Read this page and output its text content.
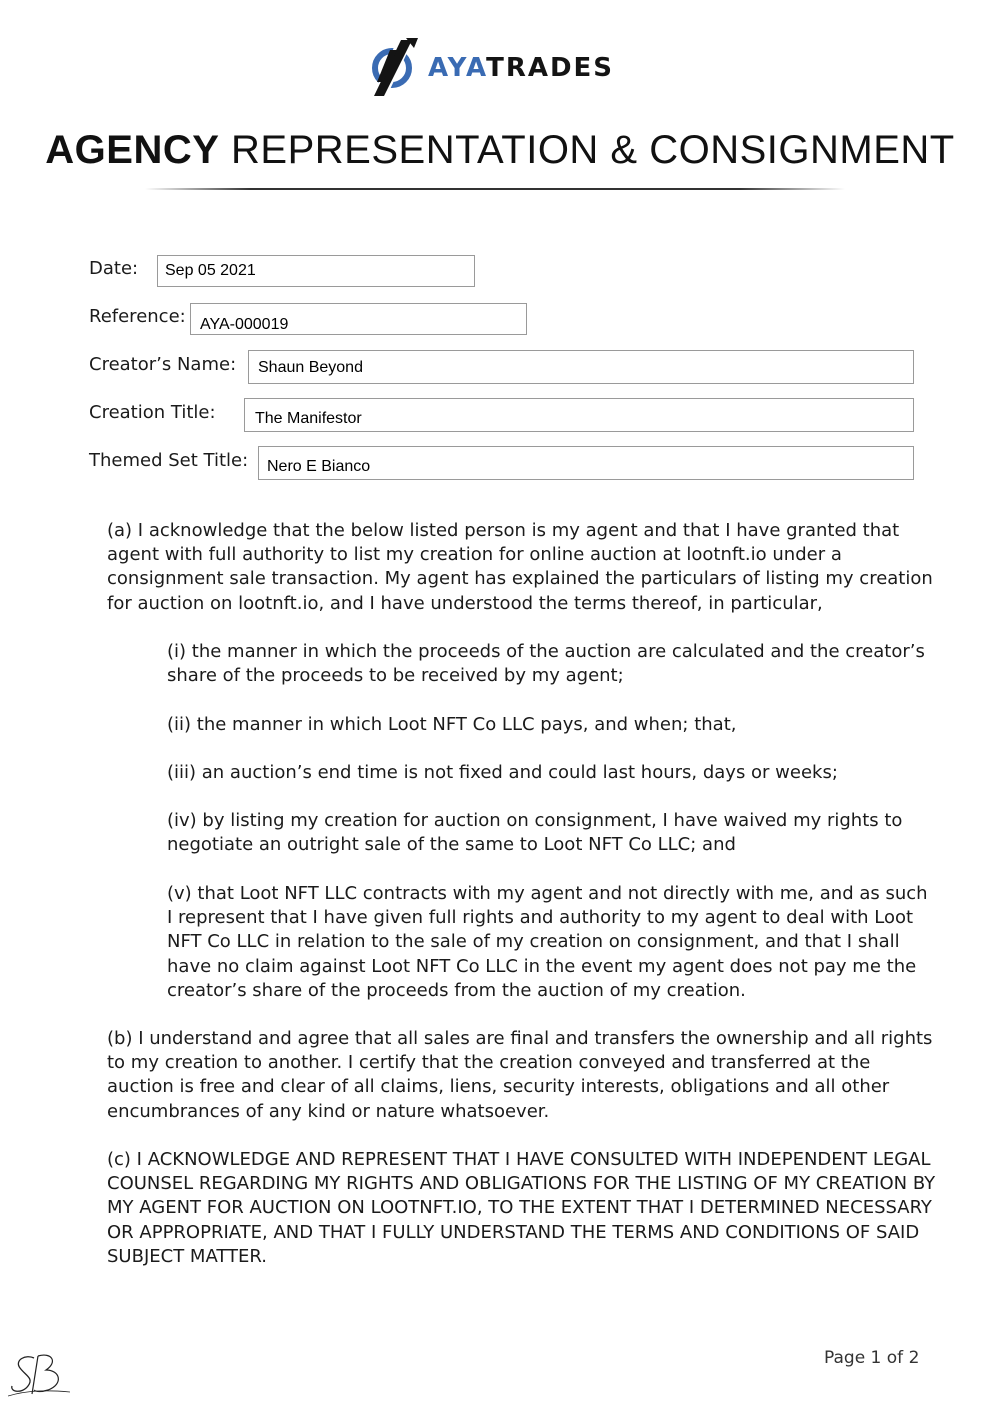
AYATRADES
AGENCY REPRESENTATION & CONSIGNMENT
Date: Sep 05 2021
Reference: AYA-000019
Creator’s Name: Shaun Beyond
Creation Title: The Manifestor
Themed Set Title: Nero E Bianco

(a) I acknowledge that the below listed person is my agent and that I have granted that agent with full authority to list my creation for online auction at lootnft.io under a consignment sale transaction. My agent has explained the particulars of listing my creation for auction on lootnft.io, and I have understood the terms thereof, in particular,

(i) the manner in which the proceeds of the auction are calculated and the creator’s share of the proceeds to be received by my agent;

(ii) the manner in which Loot NFT Co LLC pays, and when; that,

(iii) an auction’s end time is not fixed and could last hours, days or weeks;

(iv) by listing my creation for auction on consignment, I have waived my rights to negotiate an outright sale of the same to Loot NFT Co LLC; and

(v) that Loot NFT LLC contracts with my agent and not directly with me, and as such I represent that I have given full rights and authority to my agent to deal with Loot NFT Co LLC in relation to the sale of my creation on consignment, and that I shall have no claim against Loot NFT Co LLC in the event my agent does not pay me the creator’s share of the proceeds from the auction of my creation.

(b) I understand and agree that all sales are final and transfers the ownership and all rights to my creation to another. I certify that the creation conveyed and transferred at the auction is free and clear of all claims, liens, security interests, obligations and all other encumbrances of any kind or nature whatsoever.

(c) I ACKNOWLEDGE AND REPRESENT THAT I HAVE CONSULTED WITH INDEPENDENT LEGAL COUNSEL REGARDING MY RIGHTS AND OBLIGATIONS FOR THE LISTING OF MY CREATION BY MY AGENT FOR AUCTION ON LOOTNFT.IO, TO THE EXTENT THAT I DETERMINED NECESSARY OR APPROPRIATE, AND THAT I FULLY UNDERSTAND THE TERMS AND CONDITIONS OF SAID SUBJECT MATTER.

Page 1 of 2
